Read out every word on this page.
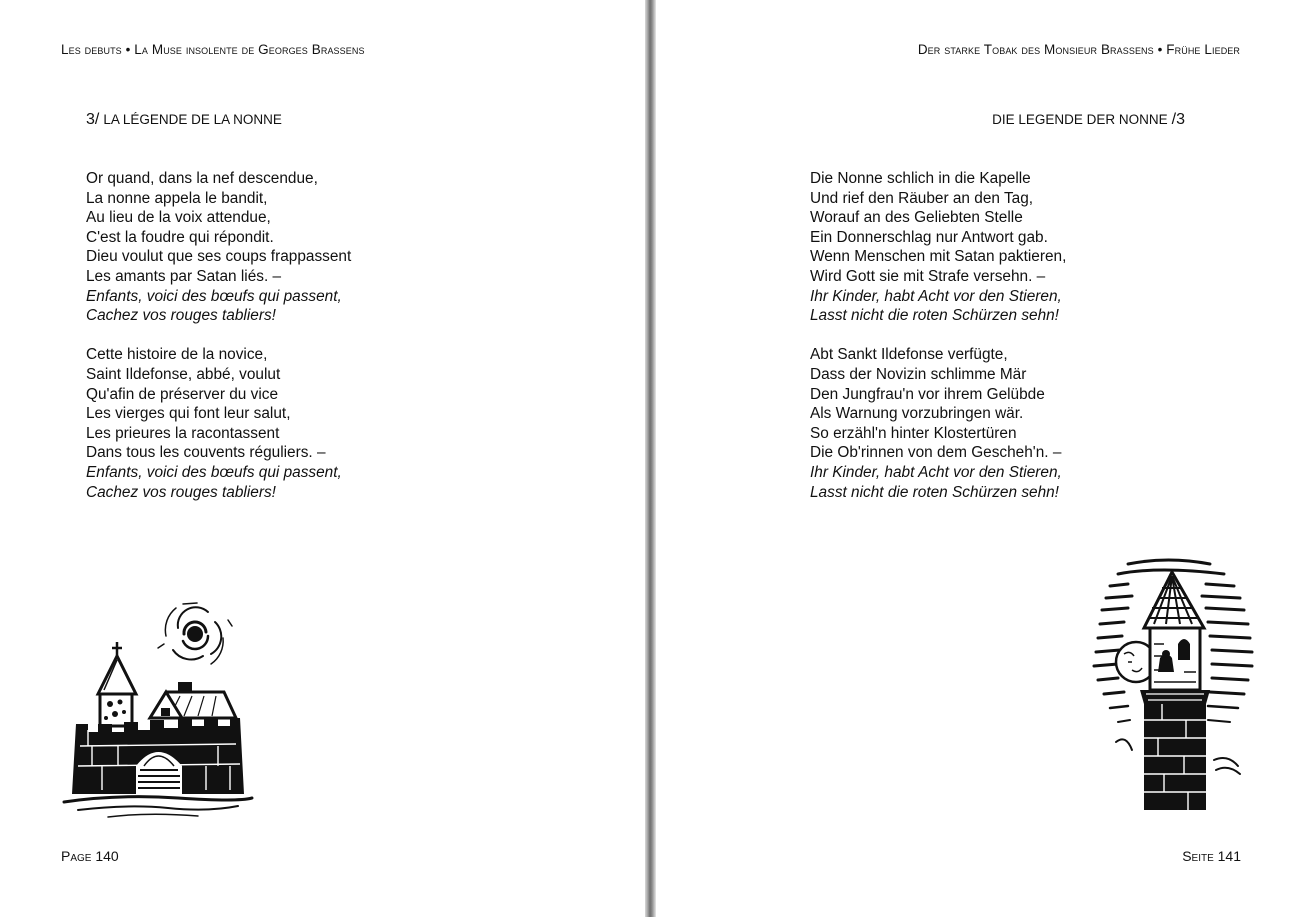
Les debuts • La Muse insolente de Georges Brassens
3/ LA LÉGENDE DE LA NONNE
Or quand, dans la nef descendue,
La nonne appela le bandit,
Au lieu de la voix attendue,
C'est la foudre qui répondit.
Dieu voulut que ses coups frappassent
Les amants par Satan liés. –
Enfants, voici des bœufs qui passent,
Cachez vos rouges tabliers!
Cette histoire de la novice,
Saint Ildefonse, abbé, voulut
Qu'afin de préserver du vice
Les vierges qui font leur salut,
Les prieures la racontassent
Dans tous les couvents réguliers. –
Enfants, voici des bœufs qui passent,
Cachez vos rouges tabliers!
Page 140
Der starke Tobak des Monsieur Brassens • Frühe Lieder
DIE LEGENDE DER NONNE /3
Die Nonne schlich in die Kapelle
Und rief den Räuber an den Tag,
Worauf an des Geliebten Stelle
Ein Donnerschlag nur Antwort gab.
Wenn Menschen mit Satan paktieren,
Wird Gott sie mit Strafe versehn. –
Ihr Kinder, habt Acht vor den Stieren,
Lasst nicht die roten Schürzen sehn!
Abt Sankt Ildefonse verfügte,
Dass der Novizin schlimme Mär
Den Jungfrau'n vor ihrem Gelübde
Als Warnung vorzubringen wär.
So erzähl'n hinter Klostertüren
Die Ob'rinnen von dem Gescheh'n. –
Ihr Kinder, habt Acht vor den Stieren,
Lasst nicht die roten Schürzen sehn!
Seite 141
